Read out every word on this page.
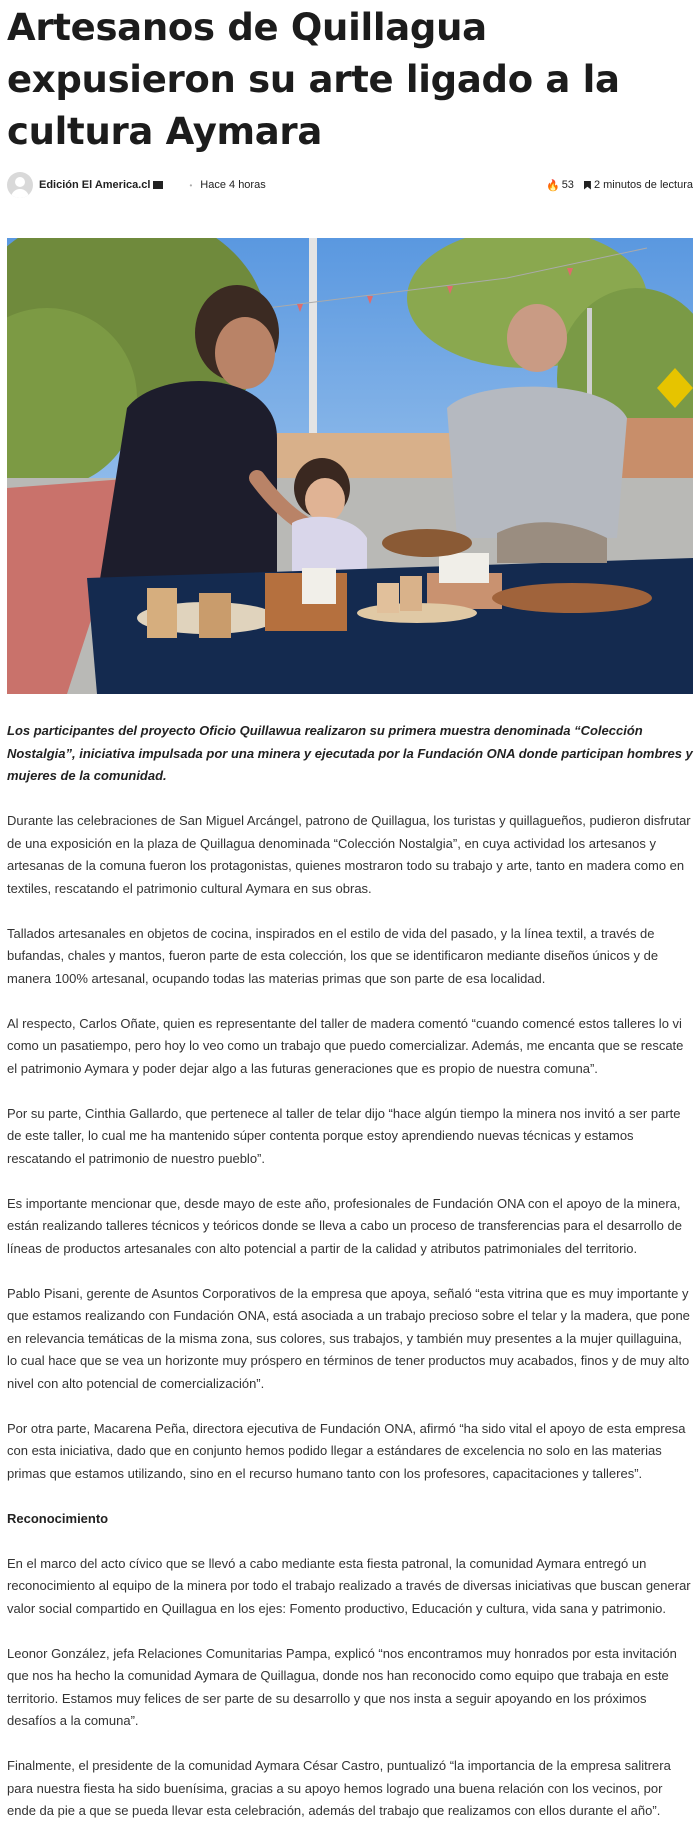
Artesanos de Quillagua expusieron su arte ligado a la cultura Aymara
Edición El America.cl	• Hace 4 horas	🔥 53 2 minutos de lectura

Los participantes del proyecto Oficio Quillawua realizaron su primera muestra denominada “Colección Nostalgia”, iniciativa impulsada por una minera y ejecutada por la Fundación ONA donde participan hombres y mujeres de la comunidad.

Durante las celebraciones de San Miguel Arcángel, patrono de Quillagua, los turistas y quillagueños, pudieron disfrutar de una exposición en la plaza de Quillagua denominada “Colección Nostalgia”, en cuya actividad los artesanos y artesanas de la comuna fueron los protagonistas, quienes mostraron todo su trabajo y arte, tanto en madera como en textiles, rescatando el patrimonio cultural Aymara en sus obras.

Tallados artesanales en objetos de cocina, inspirados en el estilo de vida del pasado, y la línea textil, a través de bufandas, chales y mantos, fueron parte de esta colección, los que se identificaron mediante diseños únicos y de manera 100% artesanal, ocupando todas las materias primas que son parte de esa localidad.

Al respecto, Carlos Oñate, quien es representante del taller de madera comentó “cuando comencé estos talleres lo vi como un pasatiempo, pero hoy lo veo como un trabajo que puedo comercializar. Además, me encanta que se rescate el patrimonio Aymara y poder dejar algo a las futuras generaciones que es propio de nuestra comuna”.

Por su parte, Cinthia Gallardo, que pertenece al taller de telar dijo “hace algún tiempo la minera nos invitó a ser parte de este taller, lo cual me ha mantenido súper contenta porque estoy aprendiendo nuevas técnicas y estamos rescatando el patrimonio de nuestro pueblo”.

Es importante mencionar que, desde mayo de este año, profesionales de Fundación ONA con el apoyo de la minera, están realizando talleres técnicos y teóricos donde se lleva a cabo un proceso de transferencias para el desarrollo de líneas de productos artesanales con alto potencial a partir de la calidad y atributos patrimoniales del territorio.

Pablo Pisani, gerente de Asuntos Corporativos de la empresa que apoya, señaló “esta vitrina que es muy importante y que estamos realizando con Fundación ONA, está asociada a un trabajo precioso sobre el telar y la madera, que pone en relevancia temáticas de la misma zona, sus colores, sus trabajos, y también muy presentes a la mujer quillaguina, lo cual hace que se vea un horizonte muy próspero en términos de tener productos muy acabados, finos y de muy alto nivel con alto potencial de comercialización”.

Por otra parte, Macarena Peña, directora ejecutiva de Fundación ONA, afirmó “ha sido vital el apoyo de esta empresa con esta iniciativa, dado que en conjunto hemos podido llegar a estándares de excelencia no solo en las materias primas que estamos utilizando, sino en el recurso humano tanto con los profesores, capacitaciones y talleres”.

Reconocimiento

En el marco del acto cívico que se llevó a cabo mediante esta fiesta patronal, la comunidad Aymara entregó un reconocimiento al equipo de la minera por todo el trabajo realizado a través de diversas iniciativas que buscan generar valor social compartido en Quillagua en los ejes: Fomento productivo, Educación y cultura, vida sana y patrimonio.

Leonor González, jefa Relaciones Comunitarias Pampa, explicó “nos encontramos muy honrados por esta invitación que nos ha hecho la comunidad Aymara de Quillagua, donde nos han reconocido como equipo que trabaja en este territorio. Estamos muy felices de ser parte de su desarrollo y que nos insta a seguir apoyando en los próximos desafíos a la comuna”.

Finalmente, el presidente de la comunidad Aymara César Castro, puntualizó “la importancia de la empresa salitrera para nuestra fiesta ha sido buenísima, gracias a su apoyo hemos logrado una buena relación con los vecinos, por ende da pie a que se pueda llevar esta celebración, además del trabajo que realizamos con ellos durante el año”.
